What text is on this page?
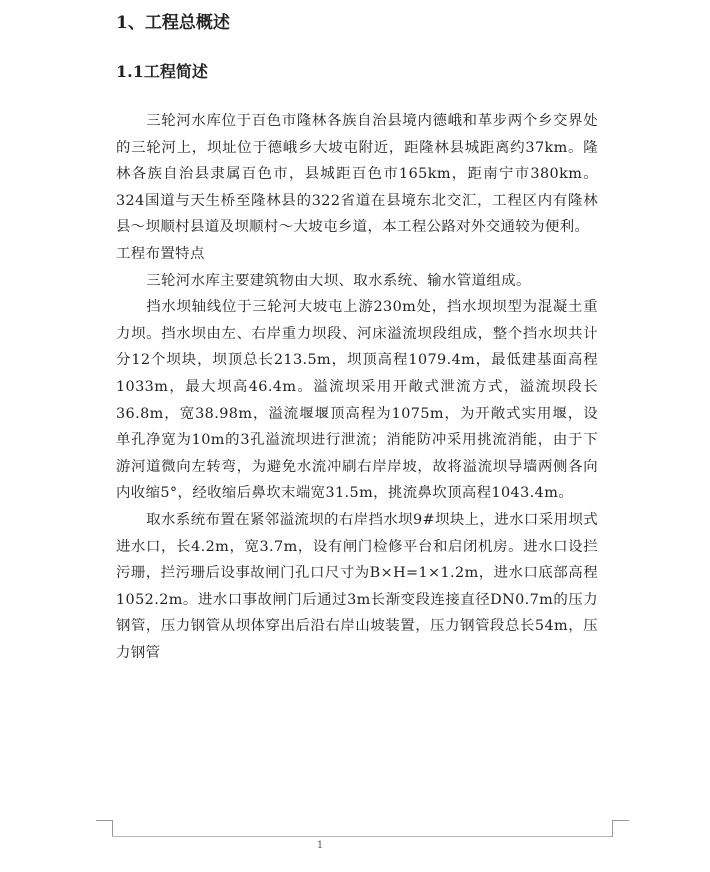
1、工程总概述
1.1工程简述

三轮河水库位于百色市隆林各族自治县境内德峨和革步两个乡交界处的三轮河上，坝址位于德峨乡大坡屯附近，距隆林县城距离约37km。隆林各族自治县隶属百色市，县城距百色市165km，距南宁市380km。324国道与天生桥至隆林县的322省道在县境东北交汇，工程区内有隆林县～坝顺村县道及坝顺村～大坡屯乡道，本工程公路对外交通较为便利。

工程布置特点

三轮河水库主要建筑物由大坝、取水系统、输水管道组成。

挡水坝轴线位于三轮河大坡屯上游230m处，挡水坝坝型为混凝土重力坝。挡水坝由左、右岸重力坝段、河床溢流坝段组成，整个挡水坝共计分12个坝块，坝顶总长213.5m，坝顶高程1079.4m，最低建基面高程1033m，最大坝高46.4m。溢流坝采用开敞式泄流方式，溢流坝段长36.8m，宽38.98m，溢流堰堰顶高程为1075m，为开敞式实用堰，设单孔净宽为10m的3孔溢流坝进行泄流；消能防冲采用挑流消能，由于下游河道微向左转弯，为避免水流冲刷右岸岸坡，故将溢流坝导墙两侧各向内收缩5°，经收缩后鼻坎末端宽31.5m，挑流鼻坎顶高程1043.4m。

取水系统布置在紧邻溢流坝的右岸挡水坝9#坝块上，进水口采用坝式进水口，长4.2m，宽3.7m，设有闸门检修平台和启闭机房。进水口设拦污珊，拦污珊后设事故闸门孔口尺寸为B×H=1×1.2m，进水口底部高程1052.2m。进水口事故闸门后通过3m长渐变段连接直径DN0.7m的压力钢管，压力钢管从坝体穿出后沿右岸山坡装置，压力钢管段总长54m，压力钢管

1
